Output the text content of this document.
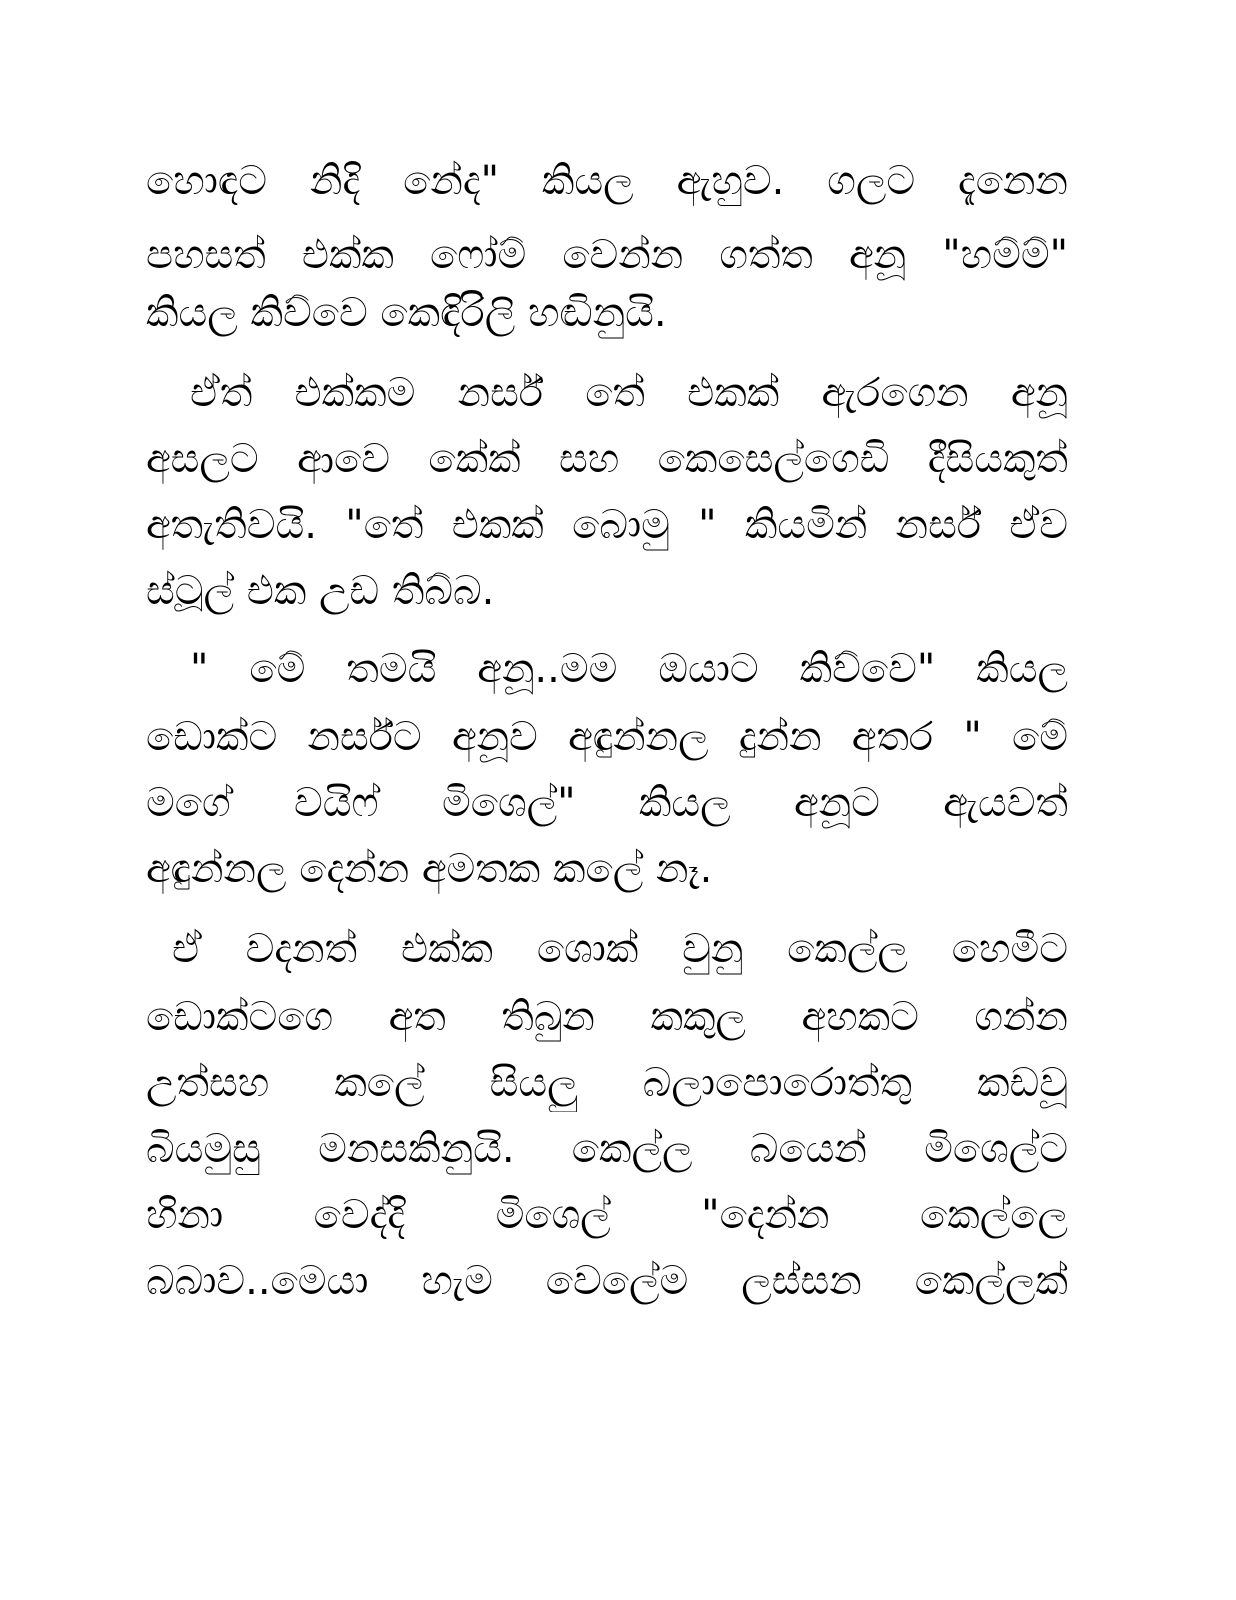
හොඳට නිදි නේද" කියල ඇහුව. ගලට දැනෙන
පහසත් එක්ක ෆෝම් වෙන්න ගත්ත අනූ "හම්ම්"
කියල කිව්වෙ කෙඳිරිලි හඬිනුයි.
ඒත් එක්කම නර්ස් තේ එකක් ඇරගෙන අනූ
අසලට ආවෙ කේක් සහ කෙසෙල්ගෙඩි දීසියකුත්
අතැතිවයි. "තේ එකක් බොමු " කියමින් නර්ස් ඒව
ස්ටූල් එක උඩ තිබ්බ.
" මේ තමයි අනූ..මම ඔයාට කිව්වෙ" කියල
ඩොක්ට නර්ස්ට අනූව අඳුන්නල දුන්න අතර " මේ
මගේ වයිෆ් මිශෙල්" කියල අනූට ඇයවත්
අඳුන්නල දෙන්න අමතක කලේ නෑ.
ඒ වදනත් එක්ක ශොක් වුනු කෙල්ල හෙමීට
ඩොක්ටගෙ අත තිබුන කකුල අහකට ගන්න
උත්සහ කලේ සියලු බලාපොරොත්තු කඩවූ
බියමුසු මනසකිනුයි. කෙල්ල බයෙන් මිශෙල්ට
හිනා වෙද්දි මිශෙල් "දෙන්න කෙල්ලෙ
බබාව..මෙයා හැම වෙලේම ලස්සන කෙල්ලක්
